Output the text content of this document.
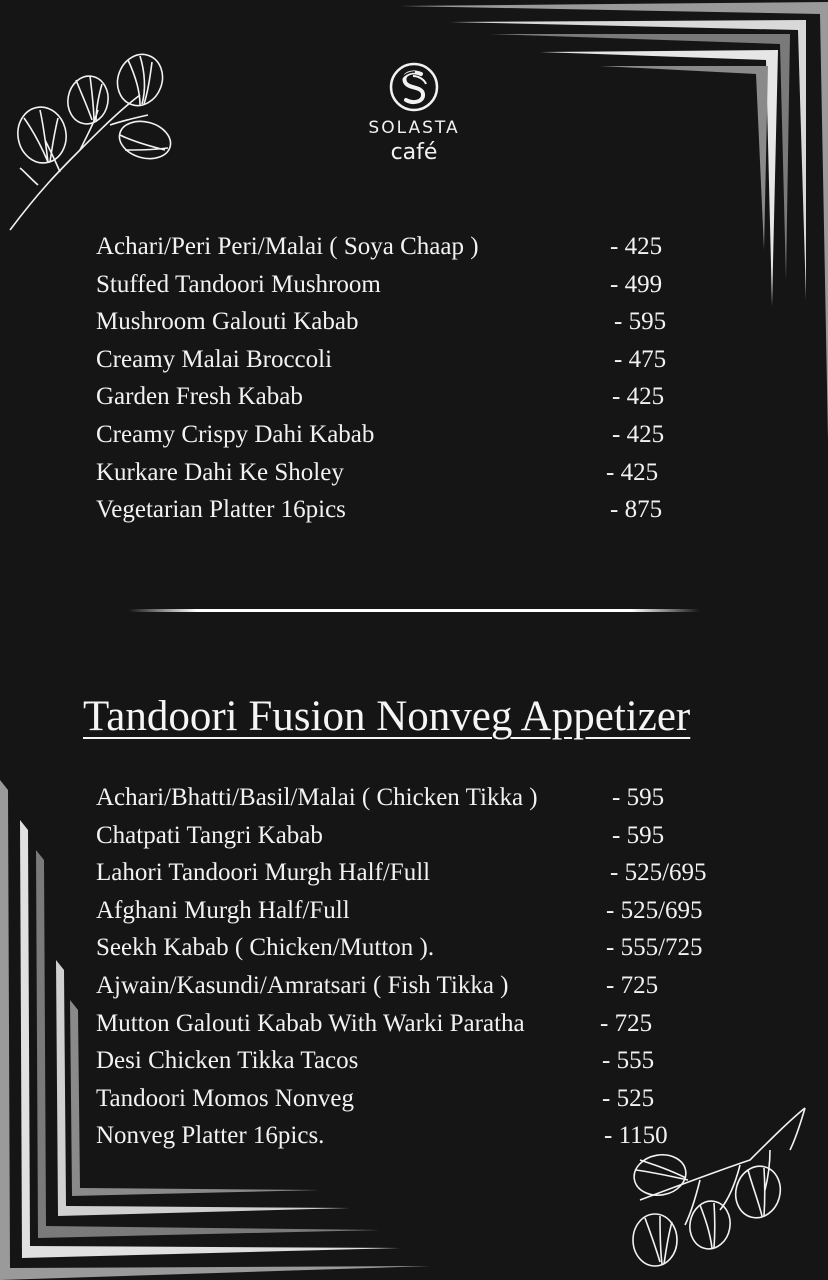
SOLASTA
café
Achari/Peri Peri/Malai ( Soya Chaap )	- 425
Stuffed Tandoori Mushroom	- 499
Mushroom Galouti Kabab	- 595
Creamy Malai Broccoli	- 475
Garden Fresh Kabab	- 425
Creamy Crispy Dahi Kabab	- 425
Kurkare Dahi Ke Sholey	- 425
Vegetarian Platter 16pics	- 875
Tandoori Fusion Nonveg Appetizer
Achari/Bhatti/Basil/Malai ( Chicken Tikka )	- 595
Chatpati Tangri Kabab	- 595
Lahori Tandoori Murgh Half/Full	- 525/695
Afghani Murgh Half/Full	- 525/695
Seekh Kabab ( Chicken/Mutton ).	- 555/725
Ajwain/Kasundi/Amratsari ( Fish Tikka )	- 725
Mutton Galouti Kabab With Warki Paratha	- 725
Desi Chicken Tikka Tacos	- 555
Tandoori Momos Nonveg	- 525
Nonveg Platter 16pics.	- 1150
